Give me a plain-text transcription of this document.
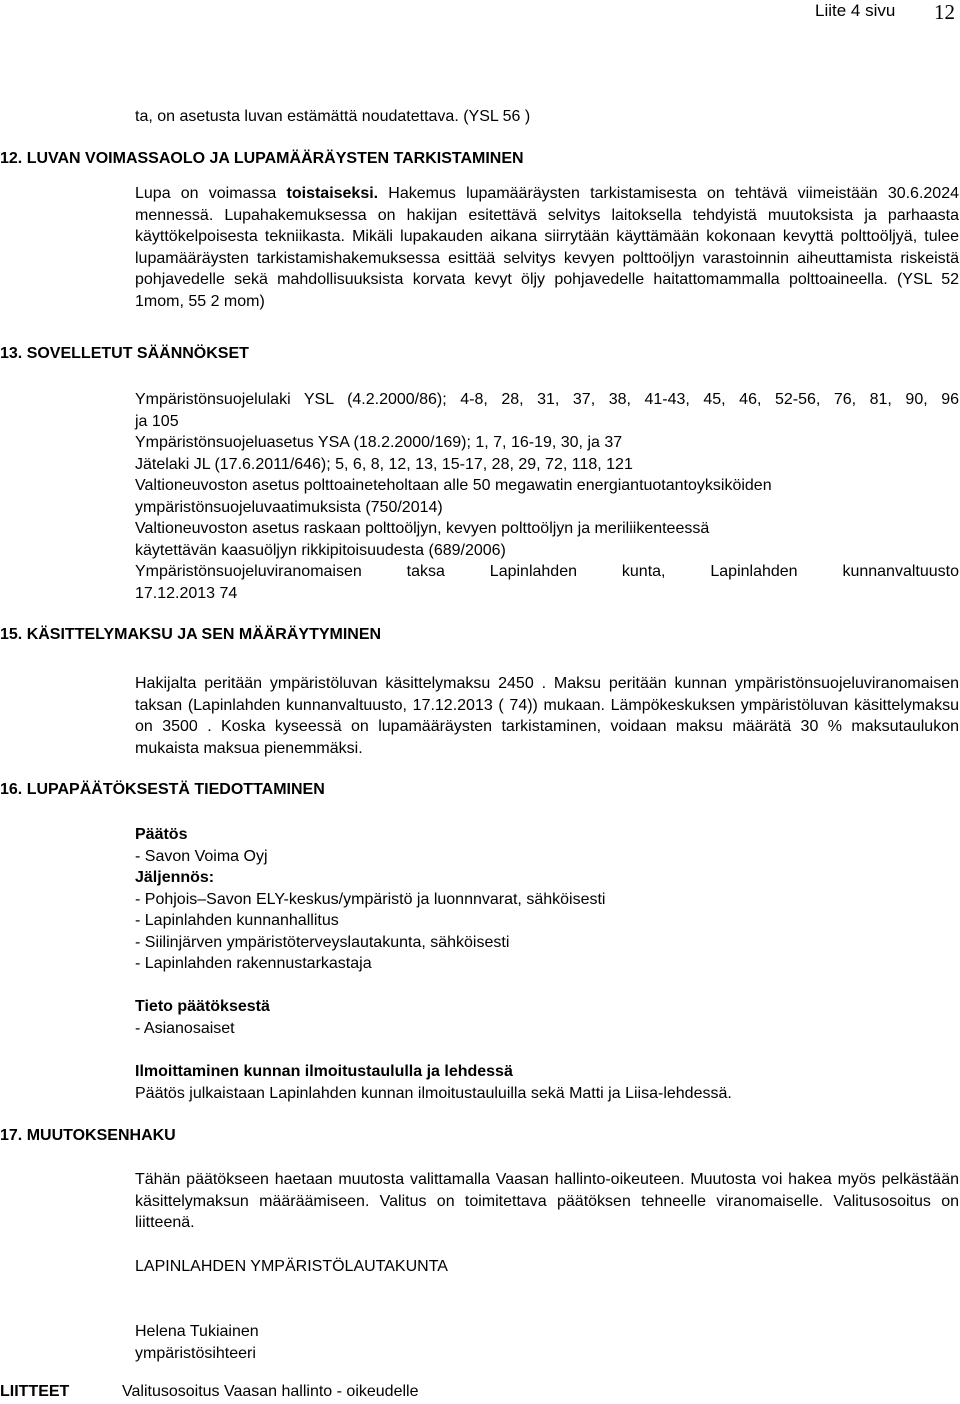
Liite 4 sivu 12

ta, on asetusta luvan estämättä noudatettava. (YSL 56 )

12. LUVAN VOIMASSAOLO JA LUPAMÄÄRÄYSTEN TARKISTAMINEN

Lupa on voimassa toistaiseksi. Hakemus lupamääräysten tarkistamisesta on tehtävä viimeistään 30.6.2024 mennessä. Lupahakemuksessa on hakijan esitettävä selvitys laitoksella tehdyistä muutoksista ja parhaasta käyttökelpoisesta tekniikasta. Mikäli lupakauden aikana siirrytään käyttämään kokonaan kevyttä polttoöljyä, tulee lupamääräysten tarkistamishakemuksessa esittää selvitys kevyen polttoöljyn varastoinnin aiheuttamista riskeistä pohjavedelle sekä mahdollisuuksista korvata kevyt öljy pohjavedelle haitattomammalla polttoaineella. (YSL 52 1mom, 55 2 mom)

13. SOVELLETUT SÄÄNNÖKSET
Ympäristönsuojelulaki YSL (4.2.2000/86); 4-8, 28, 31, 37, 38, 41-43, 45, 46, 52-56, 76, 81, 90, 96
ja 105
Ympäristönsuojeluasetus YSA (18.2.2000/169); 1, 7, 16-19, 30, ja 37
Jätelaki JL (17.6.2011/646); 5, 6, 8, 12, 13, 15-17, 28, 29, 72, 118, 121
Valtioneuvoston asetus polttoaineteholtaan alle 50 megawatin energiantuotantoyksiköiden
ympäristönsuojeluvaatimuksista (750/2014)
Valtioneuvoston asetus raskaan polttoöljyn, kevyen polttoöljyn ja meriliikenteessä
käytettävän kaasuöljyn rikkipitoisuudesta (689/2006)
Ympäristönsuojeluviranomaisen taksa Lapinlahden kunta, Lapinlahden kunnanvaltuusto
17.12.2013 74
15. KÄSITTELYMAKSU JA SEN MÄÄRÄYTYMINEN

Hakijalta peritään ympäristöluvan käsittelymaksu 2450 . Maksu peritään kunnan ympäristönsuojeluviranomaisen taksan (Lapinlahden kunnanvaltuusto, 17.12.2013 ( 74)) mukaan. Lämpökeskuksen ympäristöluvan käsittelymaksu on 3500 . Koska kyseessä on lupamääräysten tarkistaminen, voidaan maksu määrätä 30 % maksutaulukon mukaista maksua pienemmäksi.

16. LUPAPÄÄTÖKSESTÄ TIEDOTTAMINEN
Päätös
- Savon Voima Oyj
Jäljennös:
- Pohjois–Savon ELY-keskus/ympäristö ja luonnnvarat, sähköisesti
- Lapinlahden kunnanhallitus
- Siilinjärven ympäristöterveyslautakunta, sähköisesti
- Lapinlahden rakennustarkastaja
Tieto päätöksestä
- Asianosaiset
Ilmoittaminen kunnan ilmoitustaululla ja lehdessä
Päätös julkaistaan Lapinlahden kunnan ilmoitustauluilla sekä Matti ja Liisa-lehdessä.
17. MUUTOKSENHAKU

Tähän päätökseen haetaan muutosta valittamalla Vaasan hallinto-oikeuteen. Muutosta voi hakea myös pelkästään käsittelymaksun määräämiseen. Valitus on toimitettava päätöksen tehneelle viranomaiselle. Valitusosoitus on liitteenä.

LAPINLAHDEN YMPÄRISTÖLAUTAKUNTA
Helena Tukiainen
ympäristösihteeri
LIITTEET	Valitusosoitus Vaasan hallinto - oikeudelle
